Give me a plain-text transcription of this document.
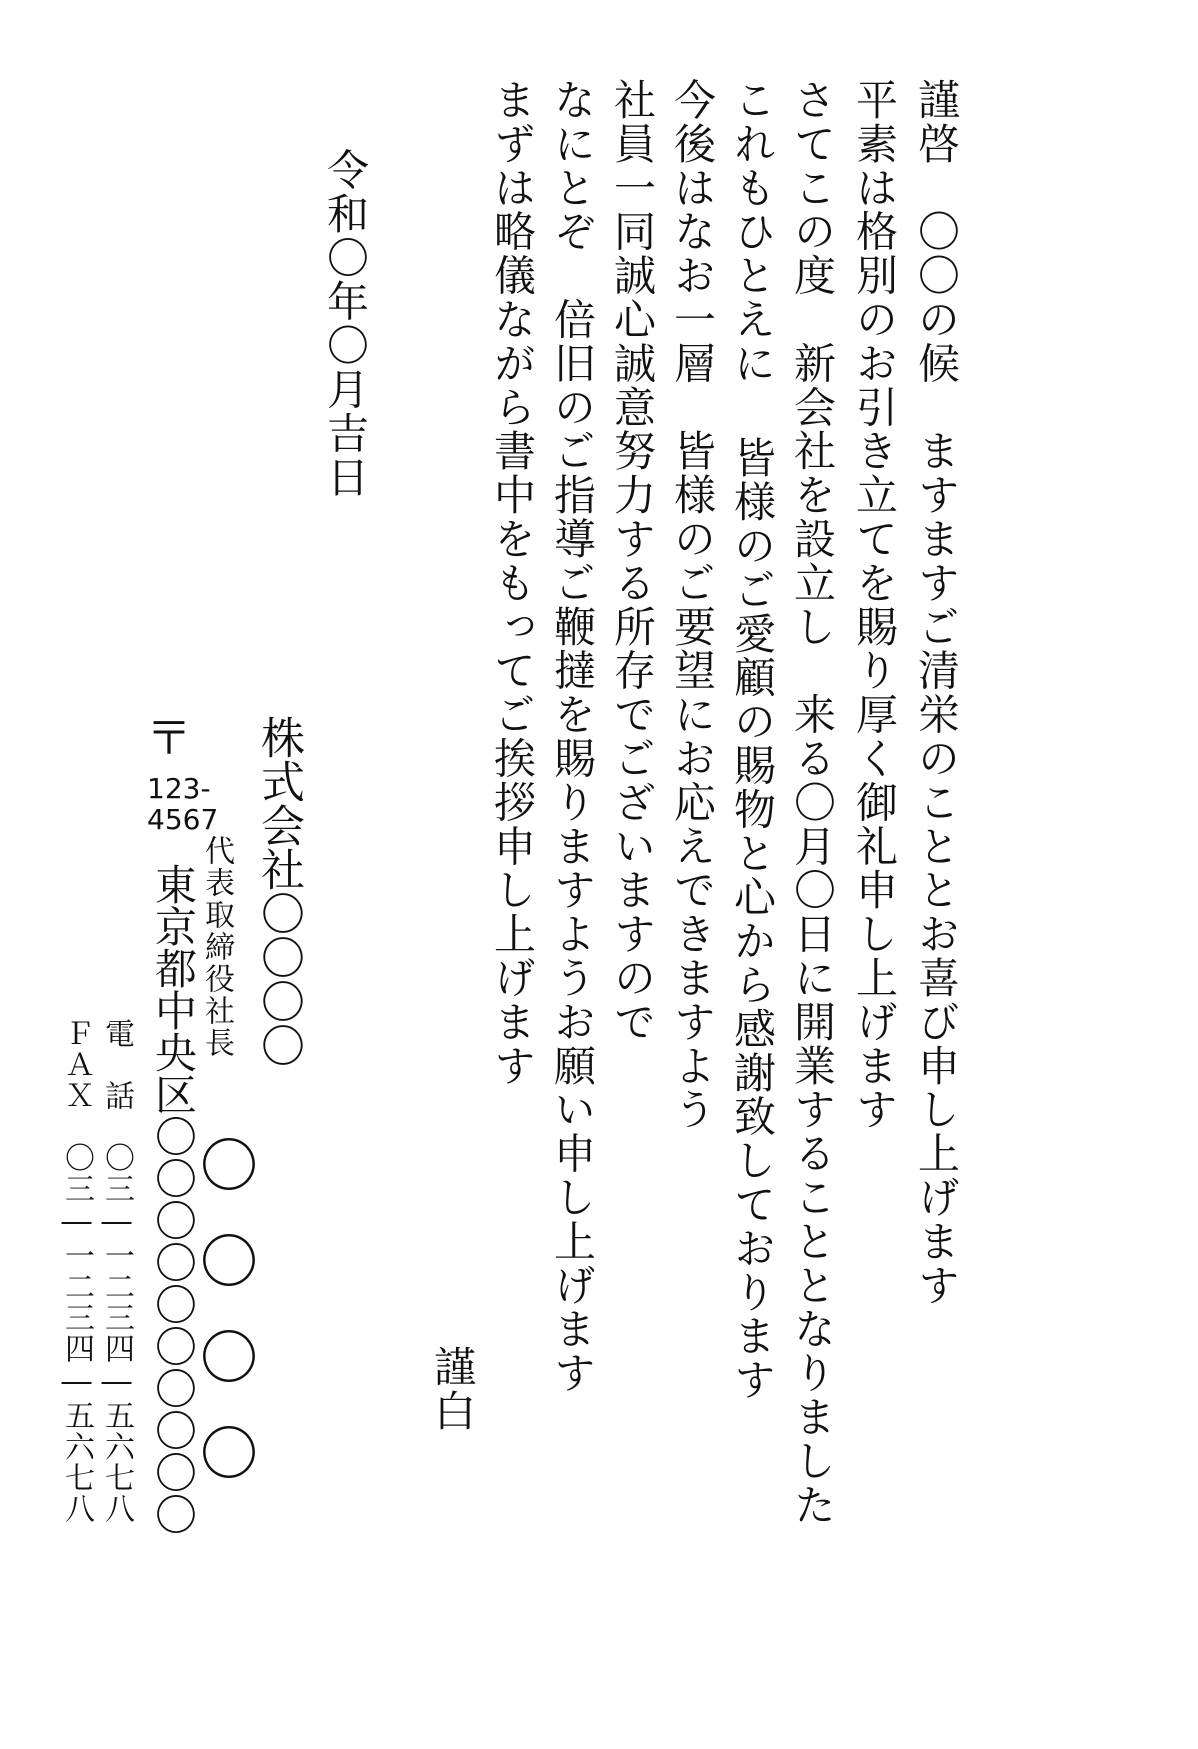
謹啓　〇〇の候　ますますご清栄のこととお喜び申し上げます
平素は格別のお引き立てを賜り厚く御礼申し上げます
さてこの度　新会社を設立し　来る〇月〇日に開業することとなりました
これもひとえに 皆様のご愛顧の賜物と心から感謝致しております
今後はなお一層　皆様のご要望にお応えできますよう
社員一同誠心誠意努力する所存でございますので
なにとぞ　倍旧のご指導ご鞭撻を賜りますようお願い申し上げます
まずは略儀ながら書中をもってご挨拶申し上げます
謹白
令和〇年〇月吉日
株式会社〇〇〇〇
代表取締役社長
〇〇〇〇
〒
123-4567
東京都中央区〇〇〇〇〇〇〇〇〇〇
電　話　〇三―一二三四―五六七八
ＦＡＸ　〇三―一二三四―五六七八
